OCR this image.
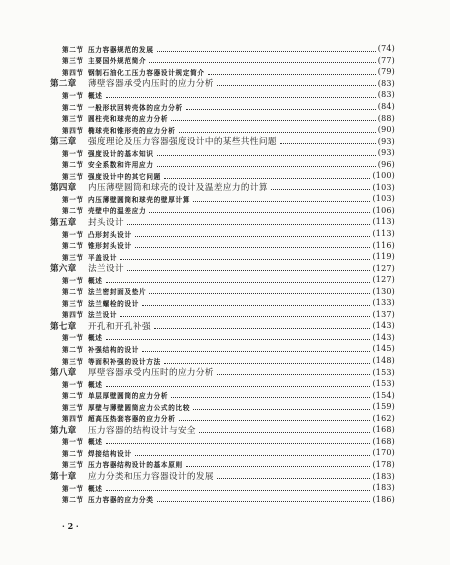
第二节 压力容器规范的发展	(74)
第三节 主要国外规范简介	(77)
第四节 钢制石油化工压力容器设计规定简介	(79)
第二章	薄壁容器承受内压时的应力分析	(83)
第一节 概述	(83)
第二节 一般形状回转壳体的应力分析	(84)
第三节 圆柱壳和球壳的应力分析	(88)
第四节 椭球壳和锥形壳的应力分析	(90)
第三章	强度理论及压力容器强度设计中的某些共性问题	(93)
第一节 强度设计的基本知识	(93)
第二节 安全系数和许用应力	(96)
第三节 强度设计中的其它问题	(100)
第四章	内压薄壁圆筒和球壳的设计及温差应力的计算	(103)
第一节 内压薄壁圆筒和球壳的壁厚计算	(103)
第二节 壳壁中的温差应力	(106)
第五章	封头设计	(113)
第一节 凸形封头设计	(113)
第二节 锥形封头设计	(116)
第三节 平盖设计	(119)
第六章	法兰设计	(127)
第一节 概述	(127)
第二节 法兰密封面及垫片	(130)
第三节 法兰螺栓的设计	(133)
第四节 法兰设计	(137)
第七章	开孔和开孔补强	(143)
第一节 概述	(143)
第二节 补强结构的设计	(145)
第三节 等面积补强的设计方法	(148)
第八章	厚壁容器承受内压时的应力分析	(153)
第一节 概述	(153)
第二节 单层厚壁圆筒的应力分析	(154)
第三节 厚壁与薄壁圆筒应力公式的比较	(159)
第四节 超高压热套容器的应力分析	(162)
第九章	压力容器的结构设计与安全	(168)
第一节 概述	(168)
第二节 焊接结构设计	(170)
第三节 压力容器结构设计的基本原则	(178)
第十章	应力分类和压力容器设计的发展	(183)
第一节 概述	(183)
第二节 压力容器的应力分类	(186)
· 2 ·
